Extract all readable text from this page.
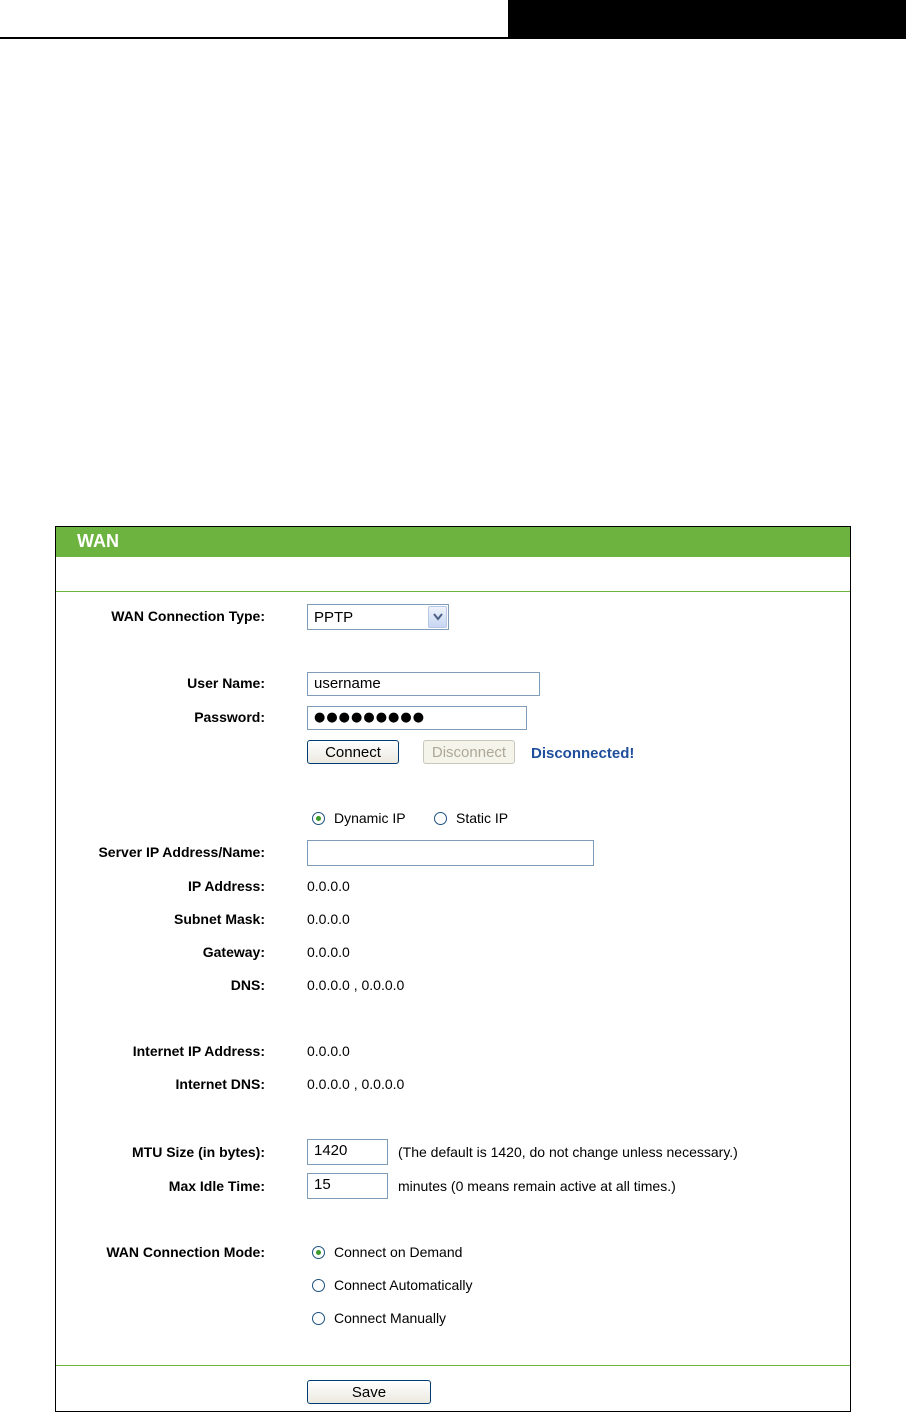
WAN
WAN Connection Type:	PPTP
User Name:	username
Password:	●●●●●●●●●
Connect	Disconnect	Disconnected!
Dynamic IP	Static IP
Server IP Address/Name:
IP Address:	0.0.0.0
Subnet Mask:	0.0.0.0
Gateway:	0.0.0.0
DNS:	0.0.0.0 , 0.0.0.0
Internet IP Address:	0.0.0.0
Internet DNS:	0.0.0.0 , 0.0.0.0
MTU Size (in bytes):	1420	(The default is 1420, do not change unless necessary.)
Max Idle Time:	15	minutes (0 means remain active at all times.)
WAN Connection Mode:	Connect on Demand
Connect Automatically
Connect Manually
Save
